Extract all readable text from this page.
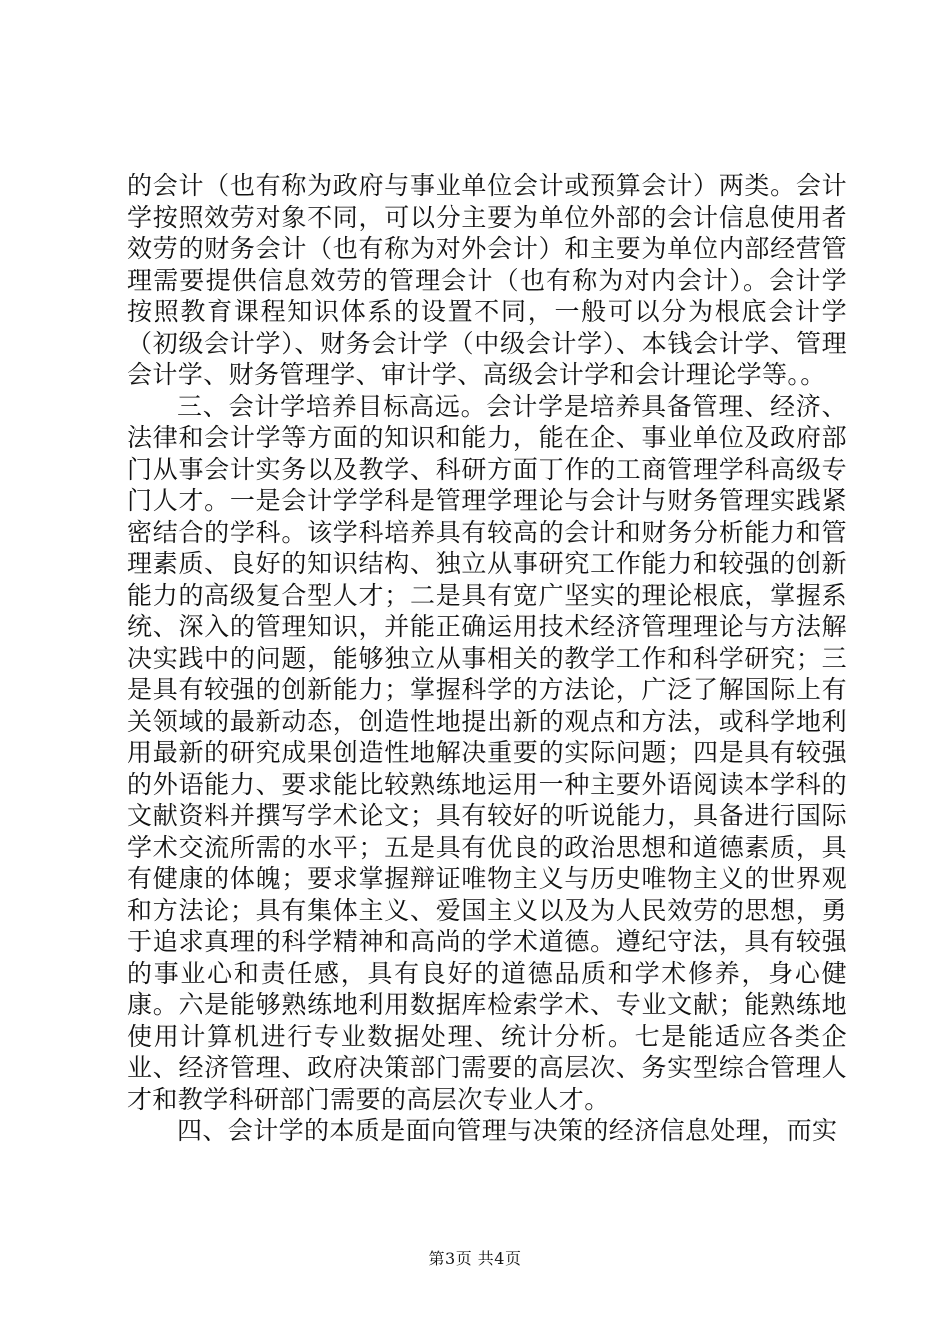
的会计（也有称为政府与事业单位会计或预算会计）两类。会计学按照效劳对象不同，可以分主要为单位外部的会计信息使用者效劳的财务会计（也有称为对外会计）和主要为单位内部经营管理需要提供信息效劳的管理会计（也有称为对内会计）。会计学按照教育课程知识体系的设置不同，一般可以分为根底会计学（初级会计学）、财务会计学（中级会计学）、本钱会计学、管理会计学、财务管理学、审计学、高级会计学和会计理论学等。。

三、会计学培养目标高远。会计学是培养具备管理、经济、法律和会计学等方面的知识和能力，能在企、事业单位及政府部门从事会计实务以及教学、科研方面丁作的工商管理学科高级专门人才。一是会计学学科是管理学理论与会计与财务管理实践紧密结合的学科。该学科培养具有较高的会计和财务分析能力和管理素质、良好的知识结构、独立从事研究工作能力和较强的创新能力的高级复合型人才；二是具有宽广坚实的理论根底，掌握系统、深入的管理知识，并能正确运用技术经济管理理论与方法解决实践中的问题，能够独立从事相关的教学工作和科学研究；三是具有较强的创新能力；掌握科学的方法论，广泛了解国际上有关领域的最新动态，创造性地提出新的观点和方法，或科学地利用最新的研究成果创造性地解决重要的实际问题；四是具有较强的外语能力、要求能比较熟练地运用一种主要外语阅读本学科的文献资料并撰写学术论文；具有较好的听说能力，具备进行国际学术交流所需的水平；五是具有优良的政治思想和道德素质，具有健康的体魄；要求掌握辩证唯物主义与历史唯物主义的世界观和方法论；具有集体主义、爱国主义以及为人民效劳的思想，勇于追求真理的科学精神和高尚的学术道德。遵纪守法，具有较强的事业心和责任感，具有良好的道德品质和学术修养，身心健康。六是能够熟练地利用数据库检索学术、专业文献；能熟练地使用计算机进行专业数据处理、统计分析。七是能适应各类企业、经济管理、政府决策部门需要的高层次、务实型综合管理人才和教学科研部门需要的高层次专业人才。

四、会计学的本质是面向管理与决策的经济信息处理，而实

第3页 共4页
